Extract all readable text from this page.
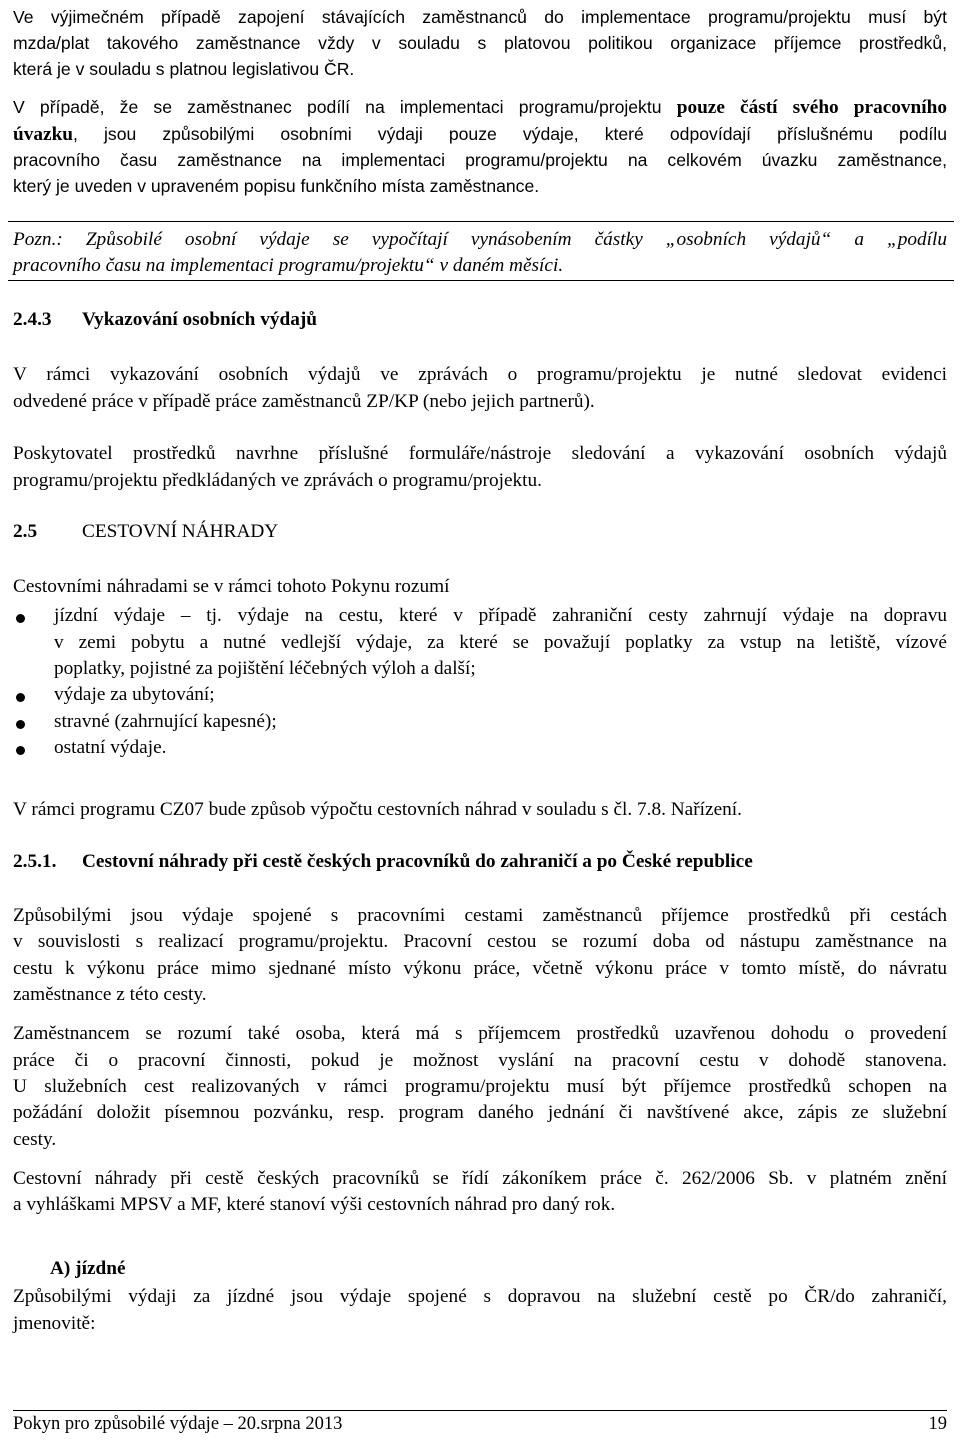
Ve výjimečném případě zapojení stávajících zaměstnanců do implementace programu/projektu musí být
mzda/plat takového zaměstnance vždy v souladu s platovou politikou organizace příjemce prostředků,
která je v souladu s platnou legislativou ČR.
V případě, že se zaměstnanec podílí na implementaci programu/projektu pouze částí svého pracovního
úvazku, jsou způsobilými osobními výdaji pouze výdaje, které odpovídají příslušnému podílu
pracovního času zaměstnance na implementaci programu/projektu na celkovém úvazku zaměstnance,
který je uveden v upraveném popisu funkčního místa zaměstnance.
Pozn.: Způsobilé osobní výdaje se vypočítají vynásobením částky „osobních výdajů“ a „podílu
pracovního času na implementaci programu/projektu“ v daném měsíci.
2.4.3 Vykazování osobních výdajů
V rámci vykazování osobních výdajů ve zprávách o programu/projektu je nutné sledovat evidenci
odvedené práce v případě práce zaměstnanců ZP/KP (nebo jejich partnerů).
Poskytovatel prostředků navrhne příslušné formuláře/nástroje sledování a vykazování osobních výdajů
programu/projektu předkládaných ve zprávách o programu/projektu.
2.5 CESTOVNÍ NÁHRADY
Cestovními náhradami se v rámci tohoto Pokynu rozumí
jízdní výdaje – tj. výdaje na cestu, které v případě zahraniční cesty zahrnují výdaje na dopravu
v zemi pobytu a nutné vedlejší výdaje, za které se považují poplatky za vstup na letiště, vízové
poplatky, pojistné za pojištění léčebných výloh a další;
výdaje za ubytování;
stravné (zahrnující kapesné);
ostatní výdaje.
V rámci programu CZ07 bude způsob výpočtu cestovních náhrad v souladu s čl. 7.8. Nařízení.
2.5.1. Cestovní náhrady při cestě českých pracovníků do zahraničí a po České republice
Způsobilými jsou výdaje spojené s pracovními cestami zaměstnanců příjemce prostředků při cestách
v souvislosti s realizací programu/projektu. Pracovní cestou se rozumí doba od nástupu zaměstnance na
cestu k výkonu práce mimo sjednané místo výkonu práce, včetně výkonu práce v tomto místě, do návratu
zaměstnance z této cesty.
Zaměstnancem se rozumí také osoba, která má s příjemcem prostředků uzavřenou dohodu o provedení
práce či o pracovní činnosti, pokud je možnost vyslání na pracovní cestu v dohodě stanovena.
U služebních cest realizovaných v rámci programu/projektu musí být příjemce prostředků schopen na
požádání doložit písemnou pozvánku, resp. program daného jednání či navštívené akce, zápis ze služební
cesty.
Cestovní náhrady při cestě českých pracovníků se řídí zákoníkem práce č. 262/2006 Sb. v platném znění
a vyhláškami MPSV a MF, které stanoví výši cestovních náhrad pro daný rok.
A) jízdné
Způsobilými výdaji za jízdné jsou výdaje spojené s dopravou na služební cestě po ČR/do zahraničí,
jmenovitě:
Pokyn pro způsobilé výdaje – 20.srpna 2013	19
